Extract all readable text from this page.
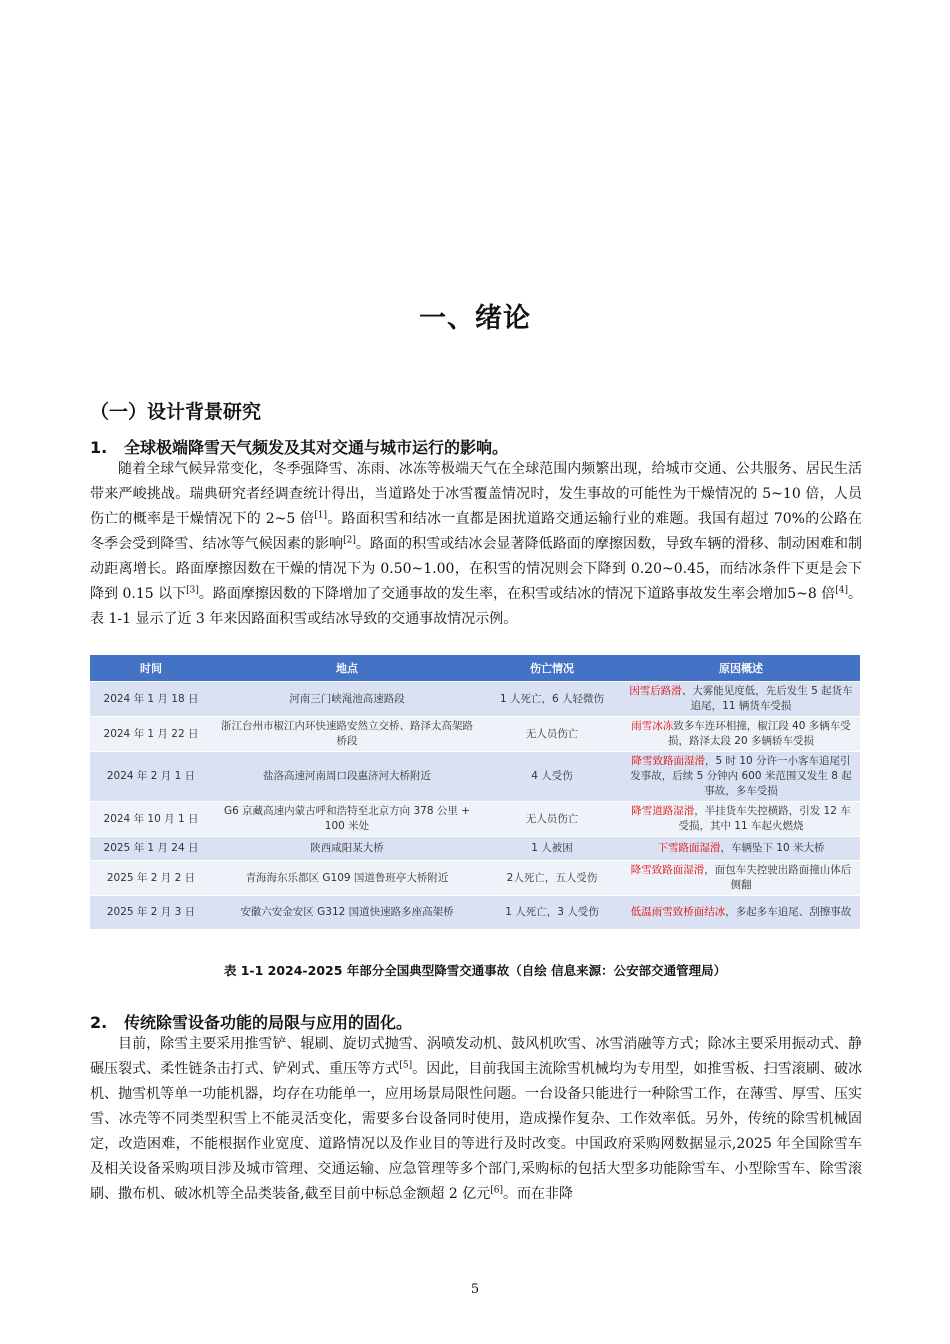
一、绪论
（一）设计背景研究
1. 全球极端降雪天气频发及其对交通与城市运行的影响。

随着全球气候异常变化，冬季强降雪、冻雨、冰冻等极端天气在全球范围内频繁出现，给城市交通、公共服务、居民生活带来严峻挑战。瑞典研究者经调查统计得出，当道路处于冰雪覆盖情况时，发生事故的可能性为干燥情况的 5~10 倍，人员伤亡的概率是干燥情况下的 2~5 倍[1]。路面积雪和结冰一直都是困扰道路交通运输行业的难题。我国有超过 70%的公路在冬季会受到降雪、结冰等气候因素的影响[2]。路面的积雪或结冰会显著降低路面的摩擦因数，导致车辆的滑移、制动困难和制动距离增长。路面摩擦因数在干燥的情况下为 0.50~1.00，在积雪的情况则会下降到 0.20~0.45，而结冰条件下更是会下降到 0.15 以下[3]。路面摩擦因数的下降增加了交通事故的发生率，在积雪或结冰的情况下道路事故发生率会增加5~8 倍[4]。表 1-1 显示了近 3 年来因路面积雪或结冰导致的交通事故情况示例。

时间	地点	伤亡情况	原因概述
2024 年 1 月 18 日	河南三门峡渑池高速路段	1 人死亡，6 人轻微伤	因雪后路滑、大雾能见度低，先后发生 5 起货车追尾，11 辆货车受损
2024 年 1 月 22 日	浙江台州市椒江内环快速路安然立交桥、路泽太高架路桥段	无人员伤亡	雨雪冰冻致多车连环相撞，椒江段 40 多辆车受损，路泽太段 20 多辆轿车受损
2024 年 2 月 1 日	盐洛高速河南周口段惠济河大桥附近	4 人受伤	降雪致路面湿滑，5 时 10 分许一小客车追尾引发事故，后续 5 分钟内 600 米范围又发生 8 起事故，多车受损
2024 年 10 月 1 日	G6 京藏高速内蒙古呼和浩特至北京方向 378 公里 + 100 米处	无人员伤亡	降雪道路湿滑，半挂货车失控横路，引发 12 车受损，其中 11 车起火燃烧
2025 年 1 月 24 日	陕西咸阳某大桥	1 人被困	下雪路面湿滑，车辆坠下 10 米大桥
2025 年 2 月 2 日	青海海东乐都区 G109 国道鲁班亭大桥附近	2人死亡，五人受伤	降雪致路面湿滑，面包车失控驶出路面撞山体后侧翻
2025 年 2 月 3 日	安徽六安金安区 G312 国道快速路多座高架桥	1 人死亡，3 人受伤	低温雨雪致桥面结冰，多起多车追尾、刮擦事故
表 1-1 2024-2025 年部分全国典型降雪交通事故（自绘 信息来源：公安部交通管理局）
2. 传统除雪设备功能的局限与应用的固化。

目前，除雪主要采用推雪铲、辊刷、旋切式抛雪、涡喷发动机、鼓风机吹雪、冰雪消融等方式；除冰主要采用振动式、静碾压裂式、柔性链条击打式、铲剁式、重压等方式[5]。因此，目前我国主流除雪机械均为专用型，如推雪板、扫雪滚刷、破冰机、抛雪机等单一功能机器，均存在功能单一，应用场景局限性问题。一台设备只能进行一种除雪工作，在薄雪、厚雪、压实雪、冰壳等不同类型积雪上不能灵活变化，需要多台设备同时使用，造成操作复杂、工作效率低。另外，传统的除雪机械固定，改造困难，不能根据作业宽度、道路情况以及作业目的等进行及时改变。中国政府采购网数据显示,2025 年全国除雪车及相关设备采购项目涉及城市管理、交通运输、应急管理等多个部门,采购标的包括大型多功能除雪车、小型除雪车、除雪滚刷、撒布机、破冰机等全品类装备,截至目前中标总金额超 2 亿元[6]。而在非降

5
